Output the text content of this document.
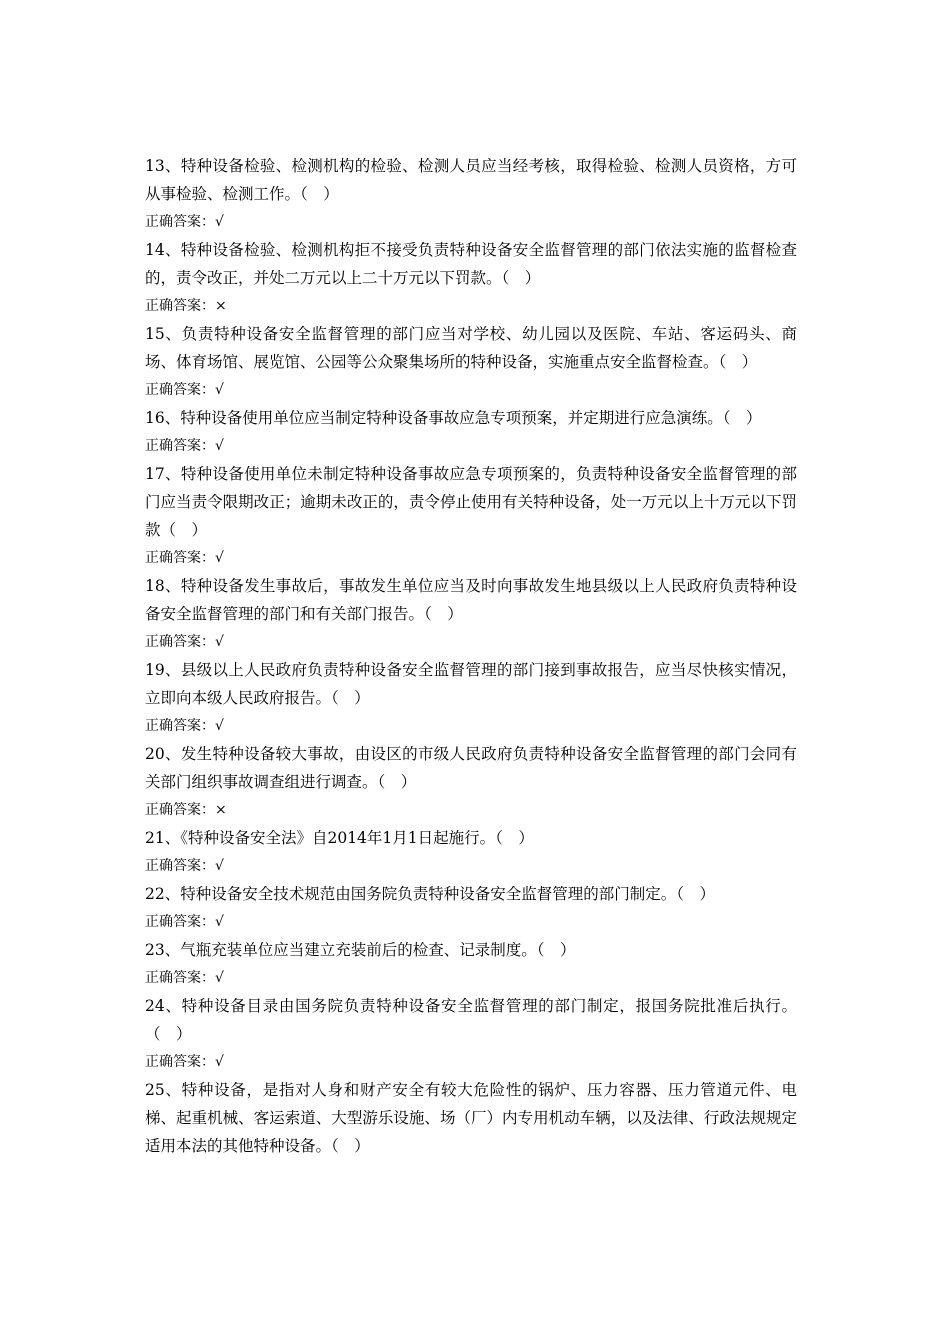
13、特种设备检验、检测机构的检验、检测人员应当经考核，取得检验、检测人员资格，方可从事检验、检测工作。（　）

正确答案：√

14、特种设备检验、检测机构拒不接受负责特种设备安全监督管理的部门依法实施的监督检查的，责令改正，并处二万元以上二十万元以下罚款。（　）

正确答案：×

15、负责特种设备安全监督管理的部门应当对学校、幼儿园以及医院、车站、客运码头、商场、体育场馆、展览馆、公园等公众聚集场所的特种设备，实施重点安全监督检查。（　）

正确答案：√

16、特种设备使用单位应当制定特种设备事故应急专项预案，并定期进行应急演练。（　）

正确答案：√

17、特种设备使用单位未制定特种设备事故应急专项预案的，负责特种设备安全监督管理的部门应当责令限期改正；逾期未改正的，责令停止使用有关特种设备，处一万元以上十万元以下罚款（　）

正确答案：√

18、特种设备发生事故后，事故发生单位应当及时向事故发生地县级以上人民政府负责特种设备安全监督管理的部门和有关部门报告。（　）

正确答案：√

19、县级以上人民政府负责特种设备安全监督管理的部门接到事故报告，应当尽快核实情况，立即向本级人民政府报告。（　）

正确答案：√

20、发生特种设备较大事故，由设区的市级人民政府负责特种设备安全监督管理的部门会同有关部门组织事故调查组进行调查。（　）

正确答案：×

21、《特种设备安全法》自2014年1月1日起施行。（　）

正确答案：√

22、特种设备安全技术规范由国务院负责特种设备安全监督管理的部门制定。（　）

正确答案：√

23、气瓶充装单位应当建立充装前后的检查、记录制度。（　）

正确答案：√

24、特种设备目录由国务院负责特种设备安全监督管理的部门制定，报国务院批准后执行。（　）

正确答案：√

25、特种设备，是指对人身和财产安全有较大危险性的锅炉、压力容器、压力管道元件、电梯、起重机械、客运索道、大型游乐设施、场（厂）内专用机动车辆，以及法律、行政法规规定适用本法的其他特种设备。（　）
